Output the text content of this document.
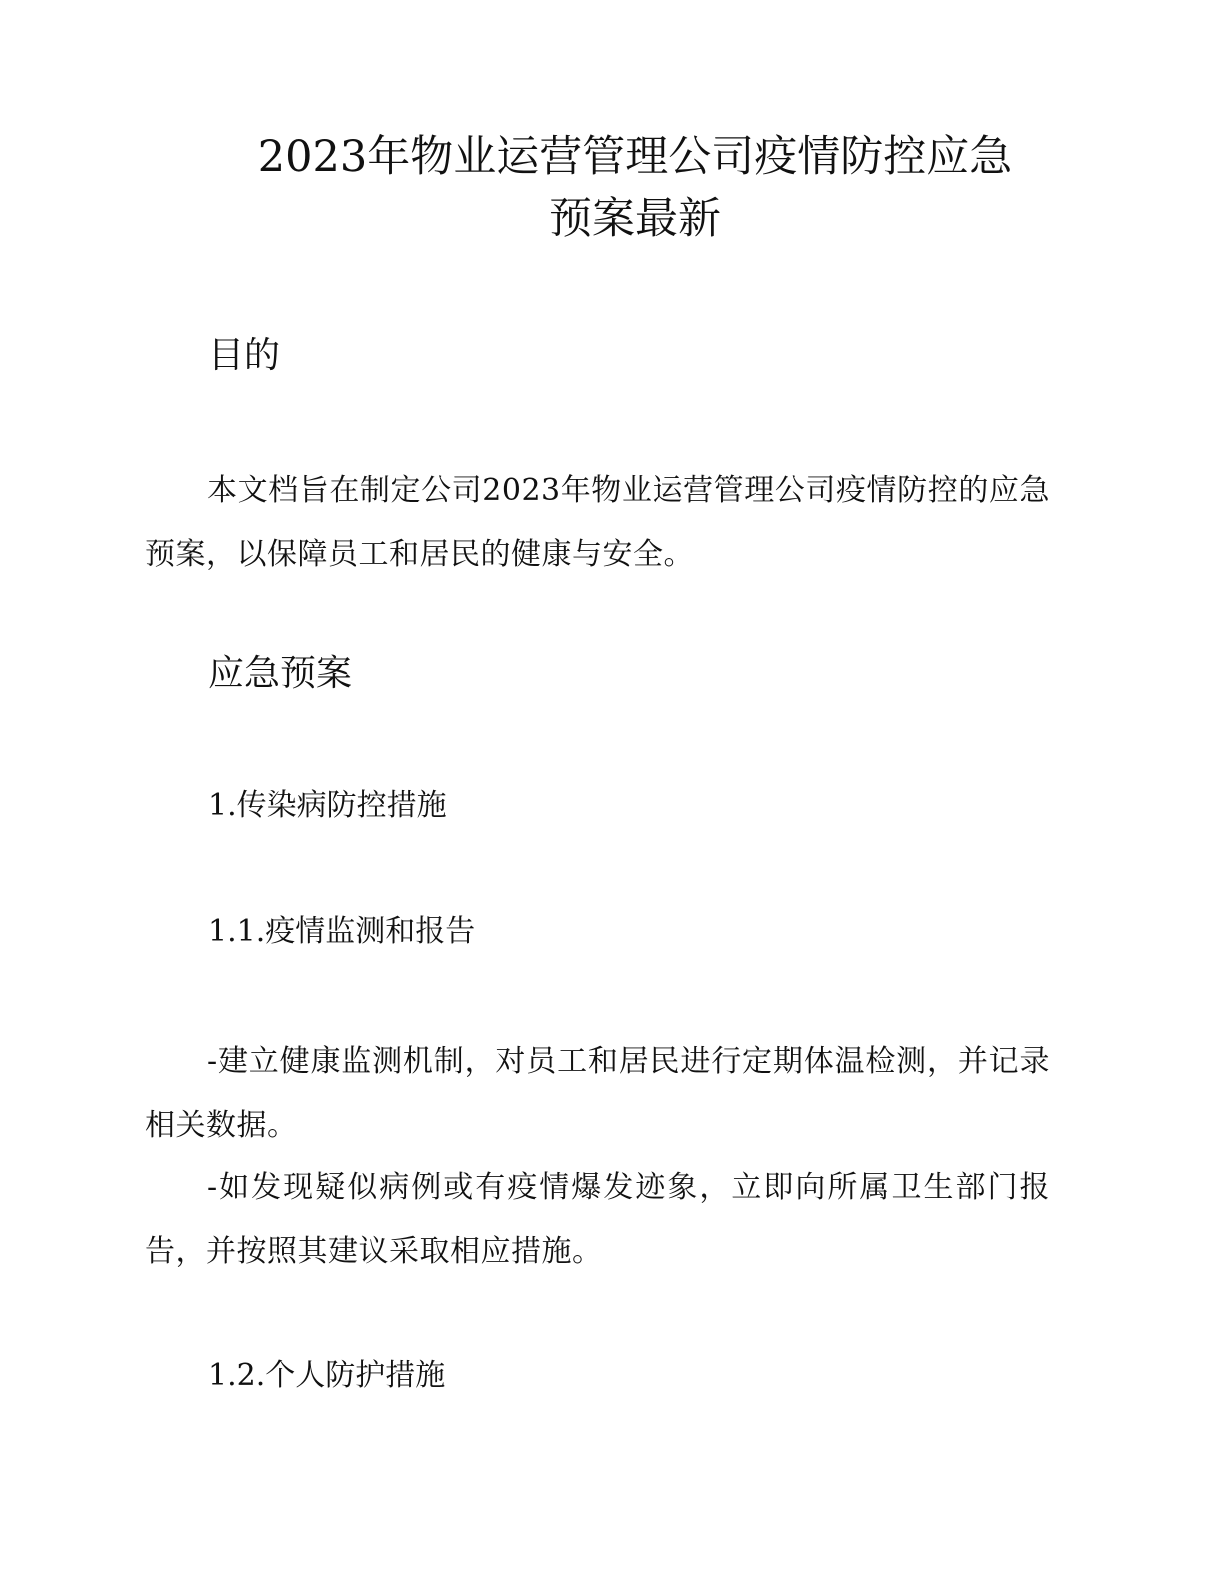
2023年物业运营管理公司疫情防控应急
预案最新
目的

本文档旨在制定公司2023年物业运营管理公司疫情防控的应急预案，以保障员工和居民的健康与安全。

应急预案
1.传染病防控措施
1.1.疫情监测和报告

-建立健康监测机制，对员工和居民进行定期体温检测，并记录相关数据。

-如发现疑似病例或有疫情爆发迹象，立即向所属卫生部门报告，并按照其建议采取相应措施。

1.2.个人防护措施
